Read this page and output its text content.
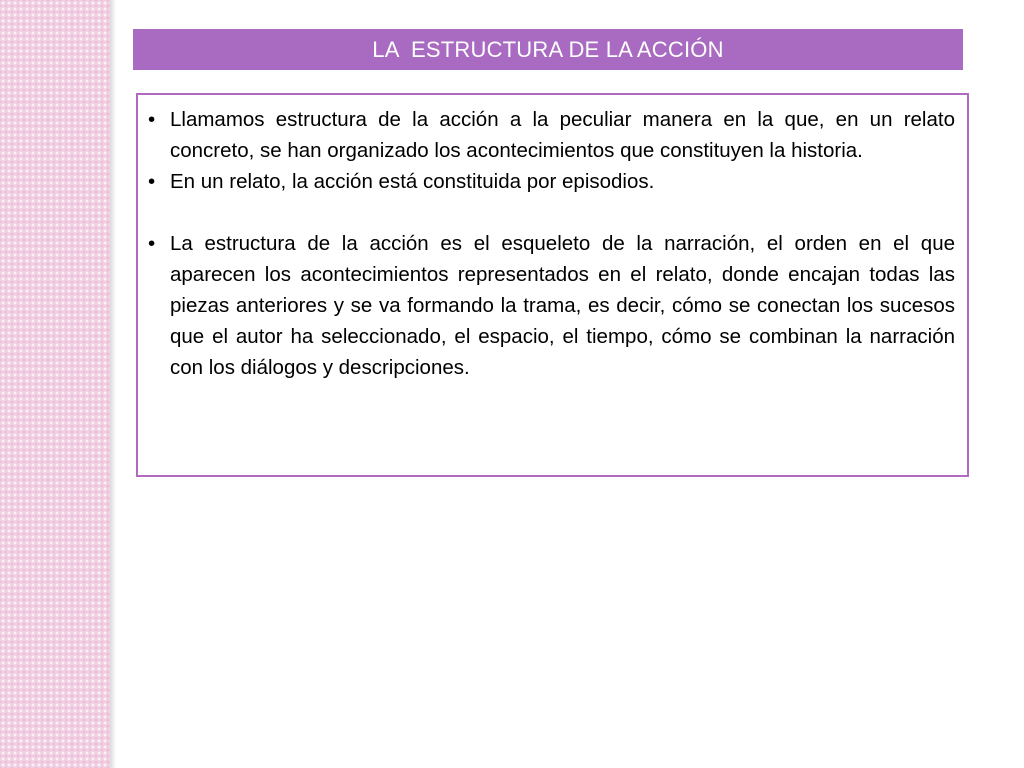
LA  ESTRUCTURA DE LA ACCIÓN
• Llamamos estructura de la acción a la peculiar manera en la que, en un relato concreto, se han organizado los acontecimientos que constituyen la historia.
• En un relato, la acción está constituida por episodios.
• La estructura de la acción es el esqueleto de la narración, el orden en el que aparecen los acontecimientos representados en el relato, donde encajan todas las piezas anteriores y se va formando la trama, es decir, cómo se conectan los sucesos que el autor ha seleccionado, el espacio, el tiempo, cómo se combinan la narración con los diálogos y descripciones.
